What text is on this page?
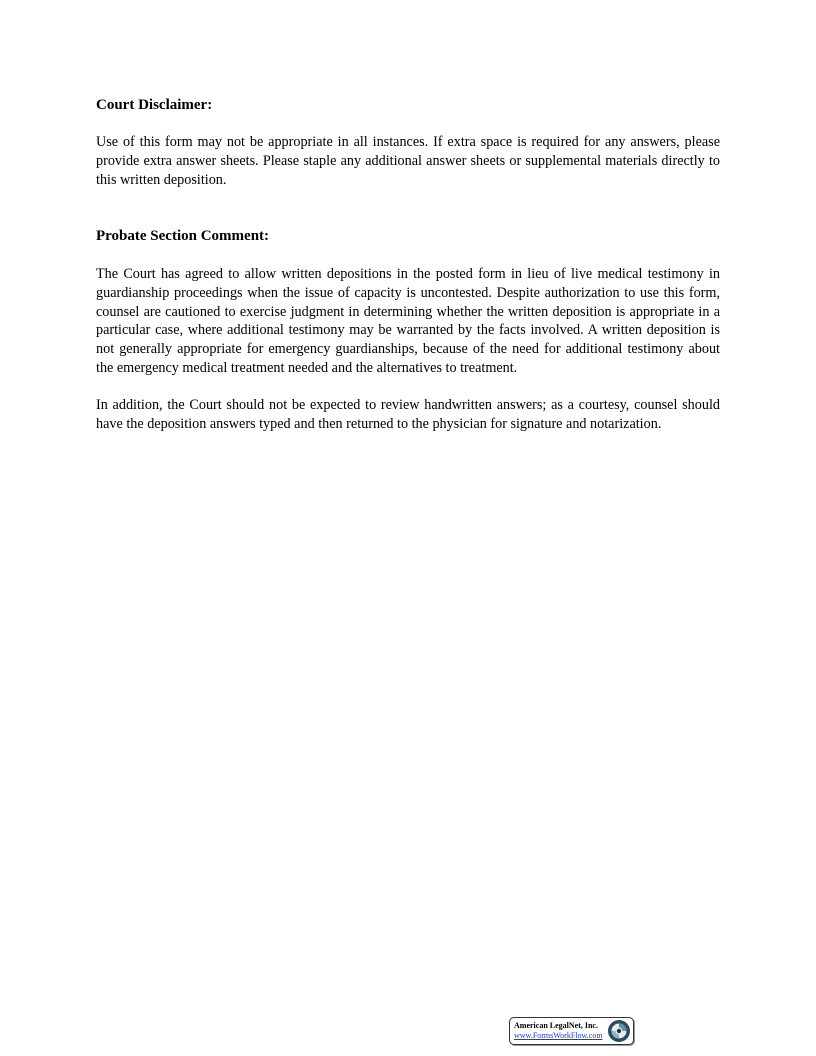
Court Disclaimer:

Use of this form may not be appropriate in all instances. If extra space is required for any answers, please provide extra answer sheets. Please staple any additional answer sheets or supplemental materials directly to this written deposition.

Probate Section Comment:

The Court has agreed to allow written depositions in the posted form in lieu of live medical testimony in guardianship proceedings when the issue of capacity is uncontested. Despite authorization to use this form, counsel are cautioned to exercise judgment in determining whether the written deposition is appropriate in a particular case, where additional testimony may be warranted by the facts involved. A written deposition is not generally appropriate for emergency guardianships, because of the need for additional testimony about the emergency medical treatment needed and the alternatives to treatment.

In addition, the Court should not be expected to review handwritten answers; as a courtesy, counsel should have the deposition answers typed and then returned to the physician for signature and notarization.

American LegalNet, Inc.
www.FormsWorkFlow.com
